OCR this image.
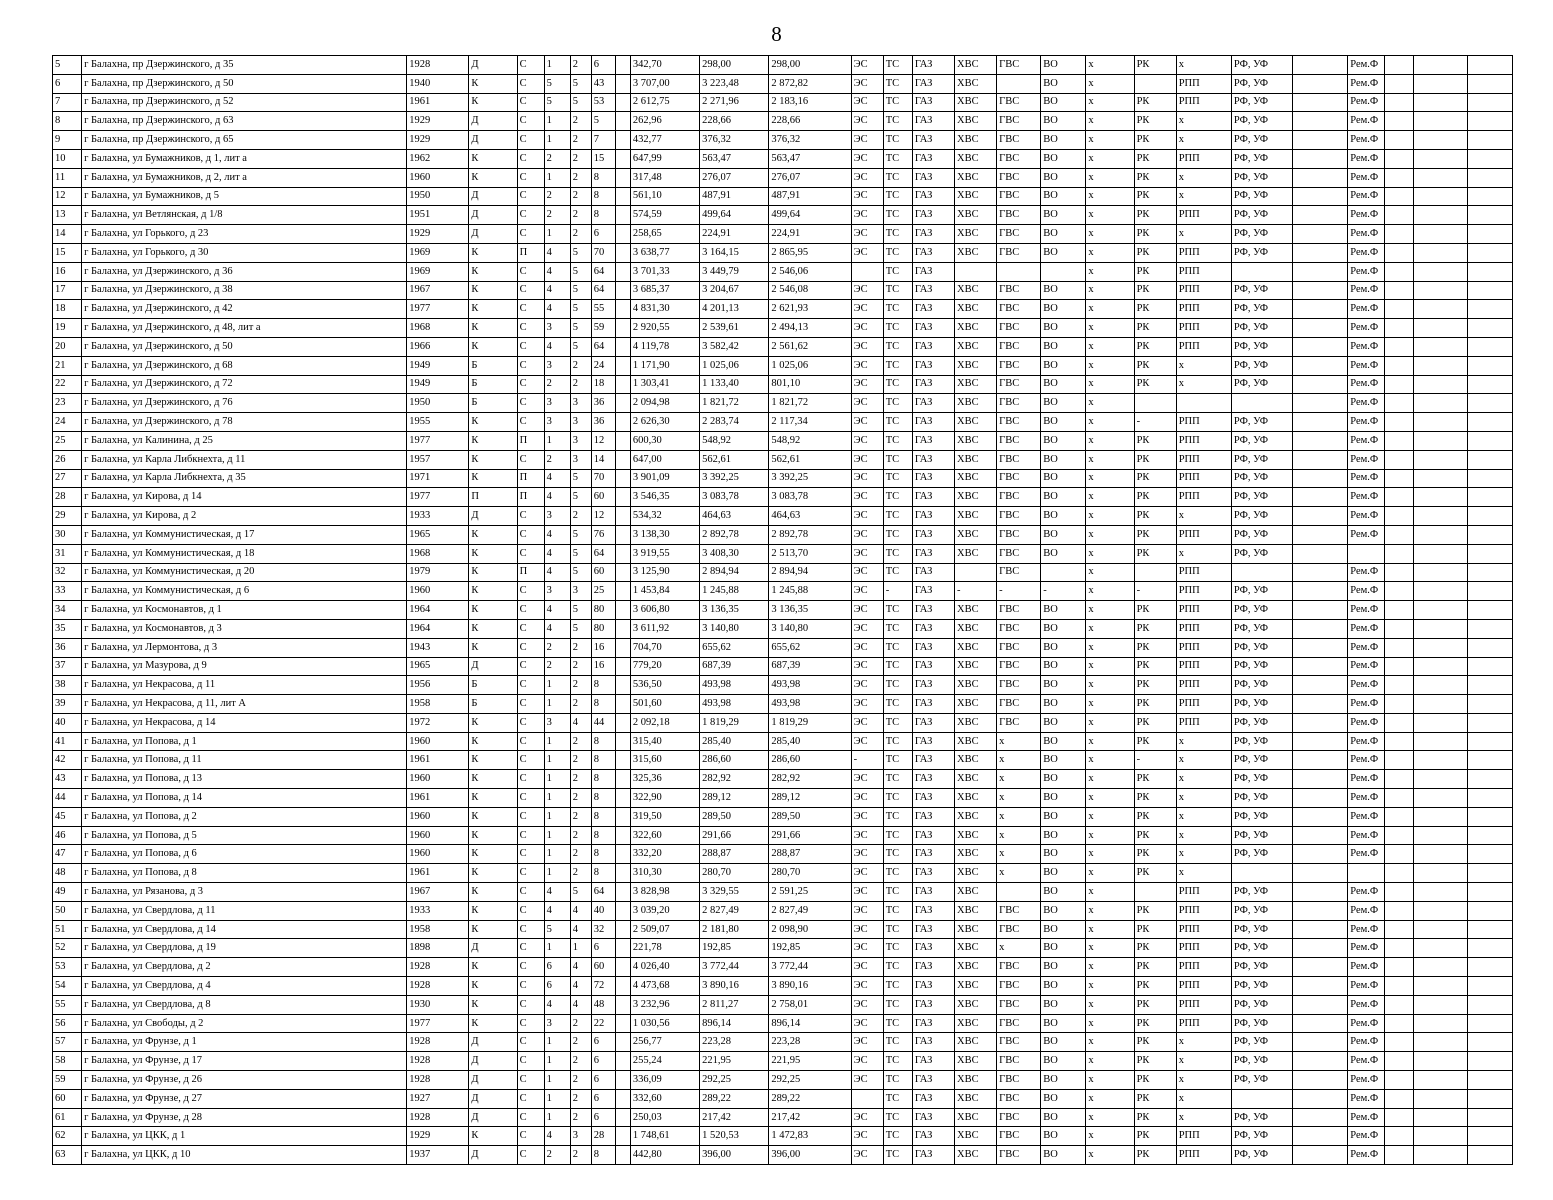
8
5	г Балахна, пр Дзержинского, д 35	1928	Д	С	1	2	6		342,70	298,00	298,00	ЭС	ТС	ГАЗ	ХВС	ГВС	ВО	х	РК	х	РФ, УФ		Рем.Ф			
6	г Балахна, пр Дзержинского, д 50	1940	К	С	5	5	43		3 707,00	3 223,48	2 872,82	ЭС	ТС	ГАЗ	ХВС		ВО	х		РПП	РФ, УФ		Рем.Ф			
7	г Балахна, пр Дзержинского, д 52	1961	К	С	5	5	53		2 612,75	2 271,96	2 183,16	ЭС	ТС	ГАЗ	ХВС	ГВС	ВО	х	РК	РПП	РФ, УФ		Рем.Ф			
8	г Балахна, пр Дзержинского, д 63	1929	Д	С	1	2	5		262,96	228,66	228,66	ЭС	ТС	ГАЗ	ХВС	ГВС	ВО	х	РК	х	РФ, УФ		Рем.Ф			
9	г Балахна, пр Дзержинского, д 65	1929	Д	С	1	2	7		432,77	376,32	376,32	ЭС	ТС	ГАЗ	ХВС	ГВС	ВО	х	РК	х	РФ, УФ		Рем.Ф			
10	г Балахна, ул Бумажников, д 1, лит а	1962	К	С	2	2	15		647,99	563,47	563,47	ЭС	ТС	ГАЗ	ХВС	ГВС	ВО	х	РК	РПП	РФ, УФ		Рем.Ф			
11	г Балахна, ул Бумажников, д 2, лит а	1960	К	С	1	2	8		317,48	276,07	276,07	ЭС	ТС	ГАЗ	ХВС	ГВС	ВО	х	РК	х	РФ, УФ		Рем.Ф			
12	г Балахна, ул Бумажников, д 5	1950	Д	С	2	2	8		561,10	487,91	487,91	ЭС	ТС	ГАЗ	ХВС	ГВС	ВО	х	РК	х	РФ, УФ		Рем.Ф			
13	г Балахна, ул Ветлянская, д 1/8	1951	Д	С	2	2	8		574,59	499,64	499,64	ЭС	ТС	ГАЗ	ХВС	ГВС	ВО	х	РК	РПП	РФ, УФ		Рем.Ф			
14	г Балахна, ул Горького, д 23	1929	Д	С	1	2	6		258,65	224,91	224,91	ЭС	ТС	ГАЗ	ХВС	ГВС	ВО	х	РК	х	РФ, УФ		Рем.Ф			
15	г Балахна, ул Горького, д 30	1969	К	П	4	5	70		3 638,77	3 164,15	2 865,95	ЭС	ТС	ГАЗ	ХВС	ГВС	ВО	х	РК	РПП	РФ, УФ		Рем.Ф			
16	г Балахна, ул Дзержинского, д 36	1969	К	С	4	5	64		3 701,33	3 449,79	2 546,06		ТС	ГАЗ				х	РК	РПП			Рем.Ф			
17	г Балахна, ул Дзержинского, д 38	1967	К	С	4	5	64		3 685,37	3 204,67	2 546,08	ЭС	ТС	ГАЗ	ХВС	ГВС	ВО	х	РК	РПП	РФ, УФ		Рем.Ф			
18	г Балахна, ул Дзержинского, д 42	1977	К	С	4	5	55		4 831,30	4 201,13	2 621,93	ЭС	ТС	ГАЗ	ХВС	ГВС	ВО	х	РК	РПП	РФ, УФ		Рем.Ф			
19	г Балахна, ул Дзержинского, д 48, лит а	1968	К	С	3	5	59		2 920,55	2 539,61	2 494,13	ЭС	ТС	ГАЗ	ХВС	ГВС	ВО	х	РК	РПП	РФ, УФ		Рем.Ф			
20	г Балахна, ул Дзержинского, д 50	1966	К	С	4	5	64		4 119,78	3 582,42	2 561,62	ЭС	ТС	ГАЗ	ХВС	ГВС	ВО	х	РК	РПП	РФ, УФ		Рем.Ф			
21	г Балахна, ул Дзержинского, д 68	1949	Б	С	3	2	24		1 171,90	1 025,06	1 025,06	ЭС	ТС	ГАЗ	ХВС	ГВС	ВО	х	РК	х	РФ, УФ		Рем.Ф			
22	г Балахна, ул Дзержинского, д 72	1949	Б	С	2	2	18		1 303,41	1 133,40	801,10	ЭС	ТС	ГАЗ	ХВС	ГВС	ВО	х	РК	х	РФ, УФ		Рем.Ф			
23	г Балахна, ул Дзержинского, д 76	1950	Б	С	3	3	36		2 094,98	1 821,72	1 821,72	ЭС	ТС	ГАЗ	ХВС	ГВС	ВО	х					Рем.Ф			
24	г Балахна, ул Дзержинского, д 78	1955	К	С	3	3	36		2 626,30	2 283,74	2 117,34	ЭС	ТС	ГАЗ	ХВС	ГВС	ВО	х	-	РПП	РФ, УФ		Рем.Ф			
25	г Балахна, ул Калинина, д 25	1977	К	П	1	3	12		600,30	548,92	548,92	ЭС	ТС	ГАЗ	ХВС	ГВС	ВО	х	РК	РПП	РФ, УФ		Рем.Ф			
26	г Балахна, ул Карла Либкнехта, д 11	1957	К	С	2	3	14		647,00	562,61	562,61	ЭС	ТС	ГАЗ	ХВС	ГВС	ВО	х	РК	РПП	РФ, УФ		Рем.Ф			
27	г Балахна, ул Карла Либкнехта, д 35	1971	К	П	4	5	70		3 901,09	3 392,25	3 392,25	ЭС	ТС	ГАЗ	ХВС	ГВС	ВО	х	РК	РПП	РФ, УФ		Рем.Ф			
28	г Балахна, ул Кирова, д 14	1977	П	П	4	5	60		3 546,35	3 083,78	3 083,78	ЭС	ТС	ГАЗ	ХВС	ГВС	ВО	х	РК	РПП	РФ, УФ		Рем.Ф			
29	г Балахна, ул Кирова, д 2	1933	Д	С	3	2	12		534,32	464,63	464,63	ЭС	ТС	ГАЗ	ХВС	ГВС	ВО	х	РК	х	РФ, УФ		Рем.Ф			
30	г Балахна, ул Коммунистическая, д 17	1965	К	С	4	5	76		3 138,30	2 892,78	2 892,78	ЭС	ТС	ГАЗ	ХВС	ГВС	ВО	х	РК	РПП	РФ, УФ		Рем.Ф			
31	г Балахна, ул Коммунистическая, д 18	1968	К	С	4	5	64		3 919,55	3 408,30	2 513,70	ЭС	ТС	ГАЗ	ХВС	ГВС	ВО	х	РК	х	РФ, УФ					
32	г Балахна, ул Коммунистическая, д 20	1979	К	П	4	5	60		3 125,90	2 894,94	2 894,94	ЭС	ТС	ГАЗ		ГВС		х		РПП			Рем.Ф			
33	г Балахна, ул Коммунистическая, д 6	1960	К	С	3	3	25		1 453,84	1 245,88	1 245,88	ЭС	-	ГАЗ	-	-	-	х	-	РПП	РФ, УФ		Рем.Ф			
34	г Балахна, ул Космонавтов, д 1	1964	К	С	4	5	80		3 606,80	3 136,35	3 136,35	ЭС	ТС	ГАЗ	ХВС	ГВС	ВО	х	РК	РПП	РФ, УФ		Рем.Ф			
35	г Балахна, ул Космонавтов, д 3	1964	К	С	4	5	80		3 611,92	3 140,80	3 140,80	ЭС	ТС	ГАЗ	ХВС	ГВС	ВО	х	РК	РПП	РФ, УФ		Рем.Ф			
36	г Балахна, ул Лермонтова, д 3	1943	К	С	2	2	16		704,70	655,62	655,62	ЭС	ТС	ГАЗ	ХВС	ГВС	ВО	х	РК	РПП	РФ, УФ		Рем.Ф			
37	г Балахна, ул Мазурова, д 9	1965	Д	С	2	2	16		779,20	687,39	687,39	ЭС	ТС	ГАЗ	ХВС	ГВС	ВО	х	РК	РПП	РФ, УФ		Рем.Ф			
38	г Балахна, ул Некрасова, д 11	1956	Б	С	1	2	8		536,50	493,98	493,98	ЭС	ТС	ГАЗ	ХВС	ГВС	ВО	х	РК	РПП	РФ, УФ		Рем.Ф			
39	г Балахна, ул Некрасова, д 11, лит А	1958	Б	С	1	2	8		501,60	493,98	493,98	ЭС	ТС	ГАЗ	ХВС	ГВС	ВО	х	РК	РПП	РФ, УФ		Рем.Ф			
40	г Балахна, ул Некрасова, д 14	1972	К	С	3	4	44		2 092,18	1 819,29	1 819,29	ЭС	ТС	ГАЗ	ХВС	ГВС	ВО	х	РК	РПП	РФ, УФ		Рем.Ф			
41	г Балахна, ул Попова, д 1	1960	К	С	1	2	8		315,40	285,40	285,40	ЭС	ТС	ГАЗ	ХВС	х	ВО	х	РК	х	РФ, УФ		Рем.Ф			
42	г Балахна, ул Попова, д 11	1961	К	С	1	2	8		315,60	286,60	286,60	-	ТС	ГАЗ	ХВС	х	ВО	х	-	х	РФ, УФ		Рем.Ф			
43	г Балахна, ул Попова, д 13	1960	К	С	1	2	8		325,36	282,92	282,92	ЭС	ТС	ГАЗ	ХВС	х	ВО	х	РК	х	РФ, УФ		Рем.Ф			
44	г Балахна, ул Попова, д 14	1961	К	С	1	2	8		322,90	289,12	289,12	ЭС	ТС	ГАЗ	ХВС	х	ВО	х	РК	х	РФ, УФ		Рем.Ф			
45	г Балахна, ул Попова, д 2	1960	К	С	1	2	8		319,50	289,50	289,50	ЭС	ТС	ГАЗ	ХВС	х	ВО	х	РК	х	РФ, УФ		Рем.Ф			
46	г Балахна, ул Попова, д 5	1960	К	С	1	2	8		322,60	291,66	291,66	ЭС	ТС	ГАЗ	ХВС	х	ВО	х	РК	х	РФ, УФ		Рем.Ф			
47	г Балахна, ул Попова, д 6	1960	К	С	1	2	8		332,20	288,87	288,87	ЭС	ТС	ГАЗ	ХВС	х	ВО	х	РК	х	РФ, УФ		Рем.Ф			
48	г Балахна, ул Попова, д 8	1961	К	С	1	2	8		310,30	280,70	280,70	ЭС	ТС	ГАЗ	ХВС	х	ВО	х	РК	х						
49	г Балахна, ул Рязанова, д 3	1967	К	С	4	5	64		3 828,98	3 329,55	2 591,25	ЭС	ТС	ГАЗ	ХВС		ВО	х		РПП	РФ, УФ		Рем.Ф			
50	г Балахна, ул Свердлова, д 11	1933	К	С	4	4	40		3 039,20	2 827,49	2 827,49	ЭС	ТС	ГАЗ	ХВС	ГВС	ВО	х	РК	РПП	РФ, УФ		Рем.Ф			
51	г Балахна, ул Свердлова, д 14	1958	К	С	5	4	32		2 509,07	2 181,80	2 098,90	ЭС	ТС	ГАЗ	ХВС	ГВС	ВО	х	РК	РПП	РФ, УФ		Рем.Ф			
52	г Балахна, ул Свердлова, д 19	1898	Д	С	1	1	6		221,78	192,85	192,85	ЭС	ТС	ГАЗ	ХВС	х	ВО	х	РК	РПП	РФ, УФ		Рем.Ф			
53	г Балахна, ул Свердлова, д 2	1928	К	С	6	4	60		4 026,40	3 772,44	3 772,44	ЭС	ТС	ГАЗ	ХВС	ГВС	ВО	х	РК	РПП	РФ, УФ		Рем.Ф			
54	г Балахна, ул Свердлова, д 4	1928	К	С	6	4	72		4 473,68	3 890,16	3 890,16	ЭС	ТС	ГАЗ	ХВС	ГВС	ВО	х	РК	РПП	РФ, УФ		Рем.Ф			
55	г Балахна, ул Свердлова, д 8	1930	К	С	4	4	48		3 232,96	2 811,27	2 758,01	ЭС	ТС	ГАЗ	ХВС	ГВС	ВО	х	РК	РПП	РФ, УФ		Рем.Ф			
56	г Балахна, ул Свободы, д 2	1977	К	С	3	2	22		1 030,56	896,14	896,14	ЭС	ТС	ГАЗ	ХВС	ГВС	ВО	х	РК	РПП	РФ, УФ		Рем.Ф			
57	г Балахна, ул Фрунзе, д 1	1928	Д	С	1	2	6		256,77	223,28	223,28	ЭС	ТС	ГАЗ	ХВС	ГВС	ВО	х	РК	х	РФ, УФ		Рем.Ф			
58	г Балахна, ул Фрунзе, д 17	1928	Д	С	1	2	6		255,24	221,95	221,95	ЭС	ТС	ГАЗ	ХВС	ГВС	ВО	х	РК	х	РФ, УФ		Рем.Ф			
59	г Балахна, ул Фрунзе, д 26	1928	Д	С	1	2	6		336,09	292,25	292,25	ЭС	ТС	ГАЗ	ХВС	ГВС	ВО	х	РК	х	РФ, УФ		Рем.Ф			
60	г Балахна, ул Фрунзе, д 27	1927	Д	С	1	2	6		332,60	289,22	289,22		ТС	ГАЗ	ХВС	ГВС	ВО	х	РК	х			Рем.Ф			
61	г Балахна, ул Фрунзе, д 28	1928	Д	С	1	2	6		250,03	217,42	217,42	ЭС	ТС	ГАЗ	ХВС	ГВС	ВО	х	РК	х	РФ, УФ		Рем.Ф			
62	г Балахна, ул ЦКК, д 1	1929	К	С	4	3	28		1 748,61	1 520,53	1 472,83	ЭС	ТС	ГАЗ	ХВС	ГВС	ВО	х	РК	РПП	РФ, УФ		Рем.Ф			
63	г Балахна, ул ЦКК, д 10	1937	Д	С	2	2	8		442,80	396,00	396,00	ЭС	ТС	ГАЗ	ХВС	ГВС	ВО	х	РК	РПП	РФ, УФ		Рем.Ф			
